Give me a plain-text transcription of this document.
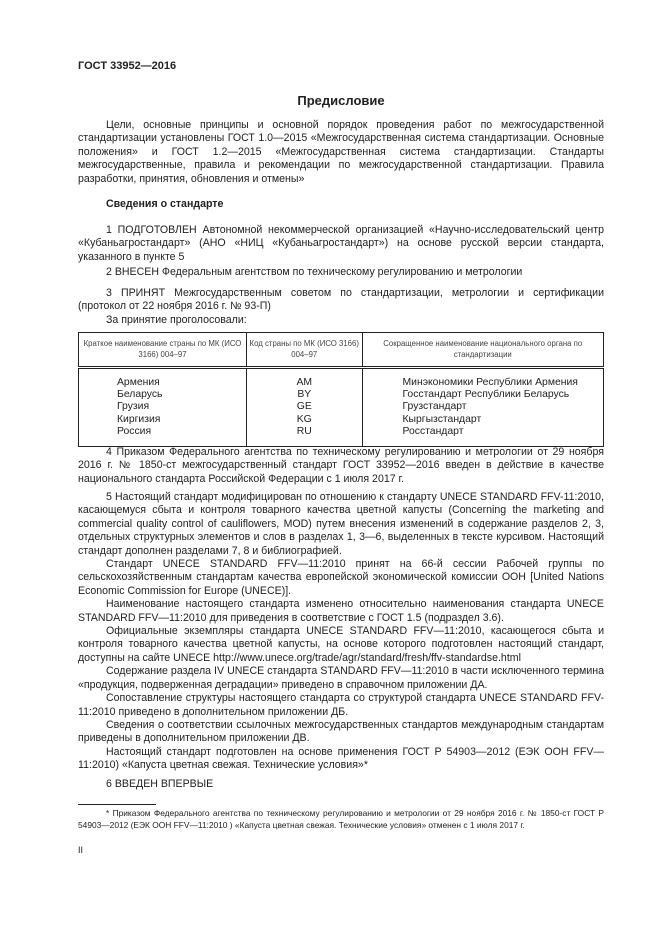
ГОСТ 33952—2016
Предисловие

Цели, основные принципы и основной порядок проведения работ по межгосударственной стандартизации установлены ГОСТ 1.0—2015 «Межгосударственная система стандартизации. Основные положения» и ГОСТ 1.2—2015 «Межгосударственная система стандартизации. Стандарты межгосударственные, правила и рекомендации по межгосударственной стандартизации. Правила разработки, принятия, обновления и отмены»

Сведения о стандарте

1 ПОДГОТОВЛЕН Автономной некоммерческой организацией «Научно-исследовательский центр «Кубаньагростандарт» (АНО «НИЦ «Кубаньагростандарт») на основе русской версии стандарта, указанного в пункте 5

2 ВНЕСЕН Федеральным агентством по техническому регулированию и метрологии

3 ПРИНЯТ Межгосударственным советом по стандартизации, метрологии и сертификации (протокол от 22 ноября 2016 г. № 93-П)

За принятие проголосовали:

Краткое наименование страны по МК (ИСО 3166) 004–97	Код страны по МК (ИСО 3166) 004–97	Сокращенное наименование национального органа по стандартизации
Армения	AM	Минэкономики Республики Армения
Беларусь	BY	Госстандарт Республики Беларусь
Грузия	GE	Грузстандарт
Киргизия	KG	Кыргызстандарт
Россия	RU	Росстандарт

4 Приказом Федерального агентства по техническому регулированию и метрологии от 29 ноября 2016 г. № 1850-ст межгосударственный стандарт ГОСТ 33952—2016 введен в действие в качестве национального стандарта Российской Федерации с 1 июля 2017 г.

5 Настоящий стандарт модифицирован по отношению к стандарту UNECE STANDARD FFV-11:2010, касающемуся сбыта и контроля товарного качества цветной капусты (Concerning the marketing and commercial quality control of cauliflowers, MOD) путем внесения изменений в содержание разделов 2, 3, отдельных структурных элементов и слов в разделах 1, 3—6, выделенных в тексте курсивом. Настоящий стандарт дополнен разделами 7, 8 и библиографией.

Стандарт UNECE STANDARD FFV—11:2010 принят на 66-й сессии Рабочей группы по сельскохозяйственным стандартам качества европейской экономической комиссии ООН [United Nations Economic Commission for Europe (UNECE)].

Наименование настоящего стандарта изменено относительно наименования стандарта UNECE STANDARD FFV—11:2010 для приведения в соответствие с ГОСТ 1.5 (подраздел 3.6).

Официальные экземпляры стандарта UNECE STANDARD FFV—11:2010, касающегося сбыта и контроля товарного качества цветной капусты, на основе которого подготовлен настоящий стандарт, доступны на сайте UNECE http://www.unece.org/trade/agr/standard/fresh/ffv-standardse.html

Содержание раздела IV UNECE стандарта STANDARD FFV—11:2010 в части исключенного термина «продукция, подверженная деградации» приведено в справочном приложении ДА.

Сопоставление структуры настоящего стандарта со структурой стандарта UNECE STANDARD FFV-11:2010 приведено в дополнительном приложении ДБ.

Сведения о соответствии ссылочных межгосударственных стандартов международным стандартам приведены в дополнительном приложении ДВ.

Настоящий стандарт подготовлен на основе применения ГОСТ Р 54903—2012 (ЕЭК ООН FFV—11:2010) «Капуста цветная свежая. Технические условия»*

6 ВВЕДЕН ВПЕРВЫЕ

* Приказом Федерального агентства по техническому регулированию и метрологии от 29 ноября 2016 г. № 1850-ст ГОСТ Р 54903—2012 (ЕЭК ООН FFV—11:2010 ) «Капуста цветная свежая. Технические условия» отменен с 1 июля 2017 г.

II
